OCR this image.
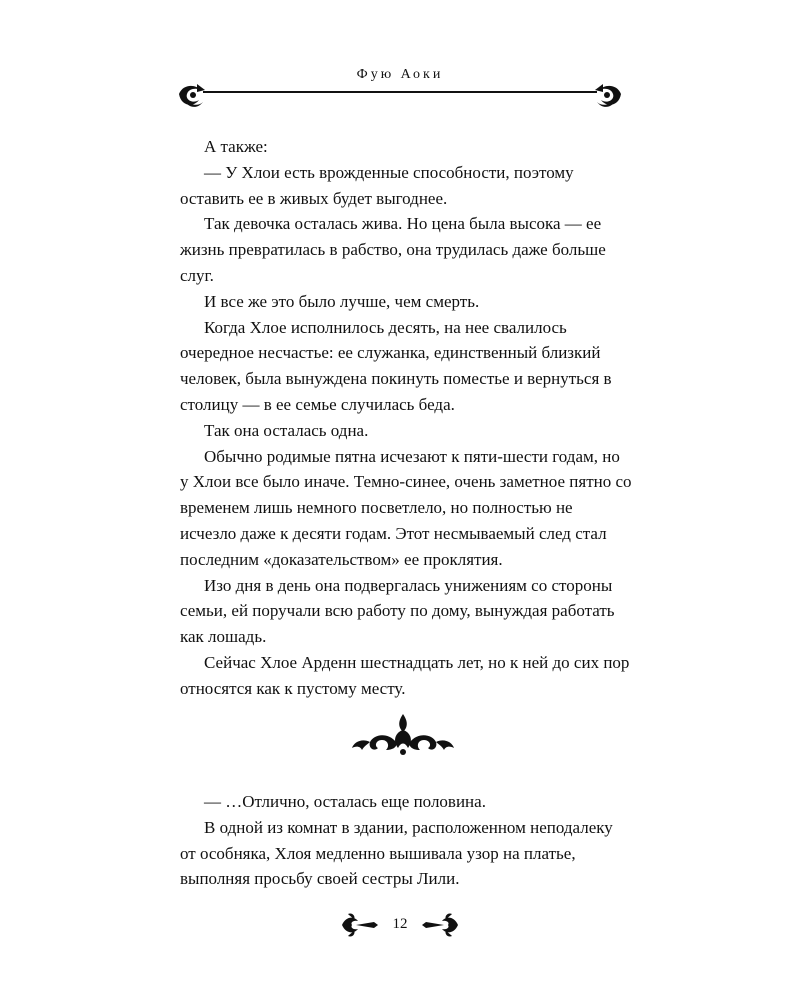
Фую Аоки

А также:

— У Хлои есть врожденные способности, поэтому оставить ее в живых будет выгоднее.

Так девочка осталась жива. Но цена была высока — ее жизнь превратилась в рабство, она трудилась даже больше слуг.

И все же это было лучше, чем смерть.

Когда Хлое исполнилось десять, на нее свалилось очередное несчастье: ее служанка, единственный близкий человек, была вынуждена покинуть поместье и вернуться в столицу — в ее семье случилась беда.

Так она осталась одна.

Обычно родимые пятна исчезают к пяти-шести годам, но у Хлои все было иначе. Темно-синее, очень заметное пятно со временем лишь немного посветлело, но полностью не исчезло даже к десяти годам. Этот несмываемый след стал последним «доказательством» ее проклятия.

Изо дня в день она подвергалась унижениям со стороны семьи, ей поручали всю работу по дому, вынуждая работать как лошадь.

Сейчас Хлое Арденн шестнадцать лет, но к ней до сих пор относятся как к пустому месту.

— …Отлично, осталась еще половина.

В одной из комнат в здании, расположенном неподалеку от особняка, Хлоя медленно вышивала узор на платье, выполняя просьбу своей сестры Лили.

12
